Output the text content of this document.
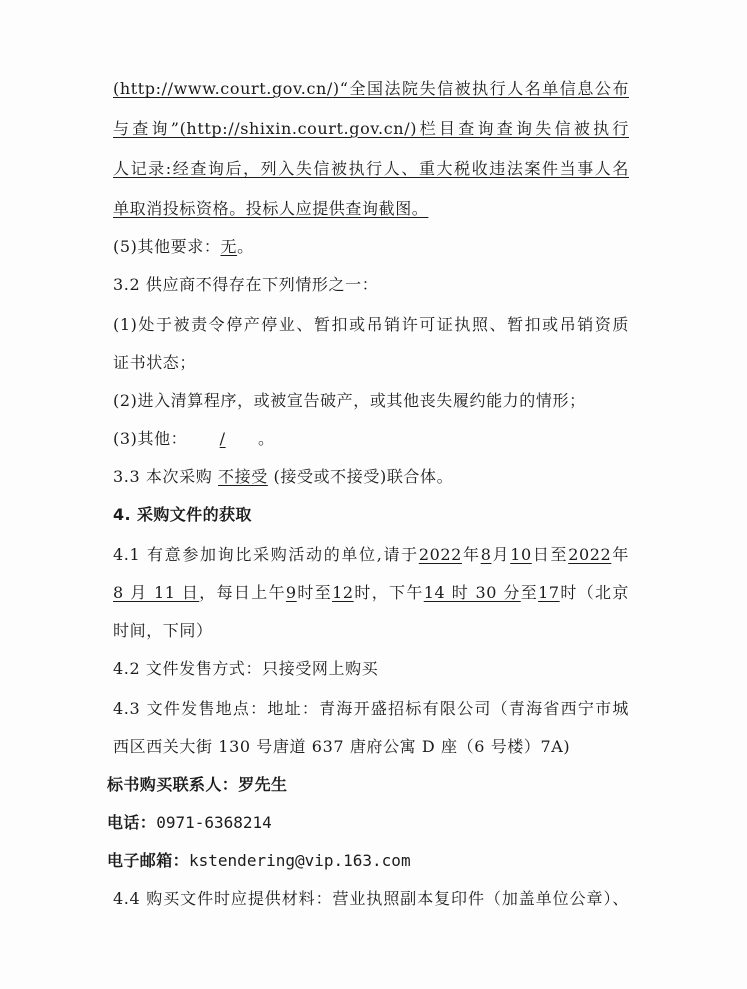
(http://www.court.gov.cn/)“全国法院失信被执行人名单信息公布
与查询”(http://shixin.court.gov.cn/)栏目查询查询失信被执行
人记录:经查询后，列入失信被执行人、重大税收违法案件当事人名
单取消投标资格。投标人应提供查询截图。
(5)其他要求：无。
3.2 供应商不得存在下列情形之一：
(1)处于被责令停产停业、暂扣或吊销许可证执照、暂扣或吊销资质
证书状态；
(2)进入清算程序，或被宣告破产，或其他丧失履约能力的情形；
(3)其他： / 。
3.3 本次采购 不接受 (接受或不接受)联合体。
4. 采购文件的获取
4.1 有意参加询比采购活动的单位,请于2022年8月10日至2022年
8 月 11 日，每日上午9时至12时，下午14 时 30 分至17时（北京
时间，下同）
4.2 文件发售方式：只接受网上购买
4.3 文件发售地点：地址：青海开盛招标有限公司（青海省西宁市城
西区西关大街 130 号唐道 637 唐府公寓 D 座（6 号楼）7A)
标书购买联系人：罗先生
电话：0971-6368214
电子邮箱：kstendering@vip.163.com
4.4 购买文件时应提供材料：营业执照副本复印件（加盖单位公章）、
